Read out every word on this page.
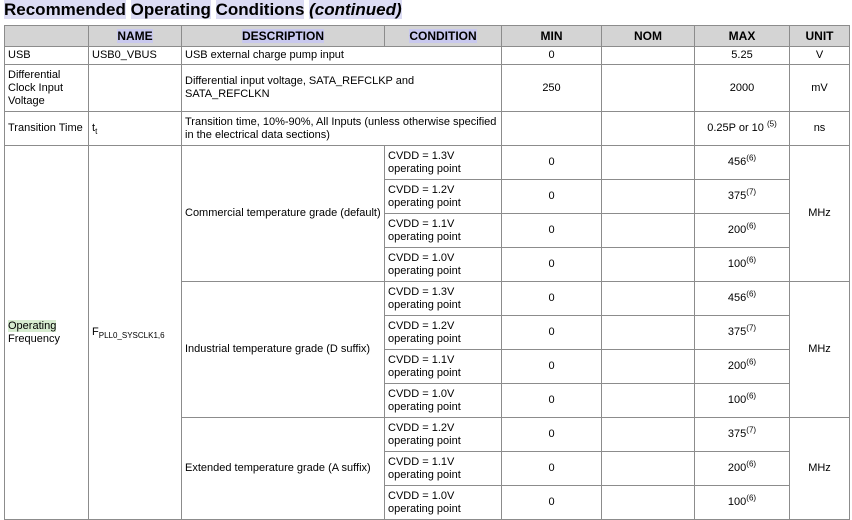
Recommended Operating Conditions (continued)
	NAME	DESCRIPTION	CONDITION	MIN	NOM	MAX	UNIT
USB	USB0_VBUS	USB external charge pump input		0		5.25	V
Differential Clock Input Voltage		Differential input voltage, SATA_REFCLKP and SATA_REFCLKN		250		2000	mV
Transition Time	$t_t$	Transition time, 10%-90%, All Inputs (unless otherwise specified in the electrical data sections)				0.25P or 10 $^{(5)}$	ns
Operating
Frequency	$F_{PLL0\_SYSCLK1,6}$	Commercial temperature grade (default)	CVDD = 1.3V operating point	0		456$^{(6)}$	MHz
			CVDD = 1.2V operating point	0		375$^{(7)}$
			CVDD = 1.1V operating point	0		200$^{(6)}$
			CVDD = 1.0V operating point	0		100$^{(6)}$
		Industrial temperature grade (D suffix)	CVDD = 1.3V operating point	0		456$^{(6)}$	MHz
			CVDD = 1.2V operating point	0		375$^{(7)}$
			CVDD = 1.1V operating point	0		200$^{(6)}$
			CVDD = 1.0V operating point	0		100$^{(6)}$
		Extended temperature grade (A suffix)	CVDD = 1.2V operating point	0		375$^{(7)}$	MHz
			CVDD = 1.1V operating point	0		200$^{(6)}$
			CVDD = 1.0V operating point	0		100$^{(6)}$
